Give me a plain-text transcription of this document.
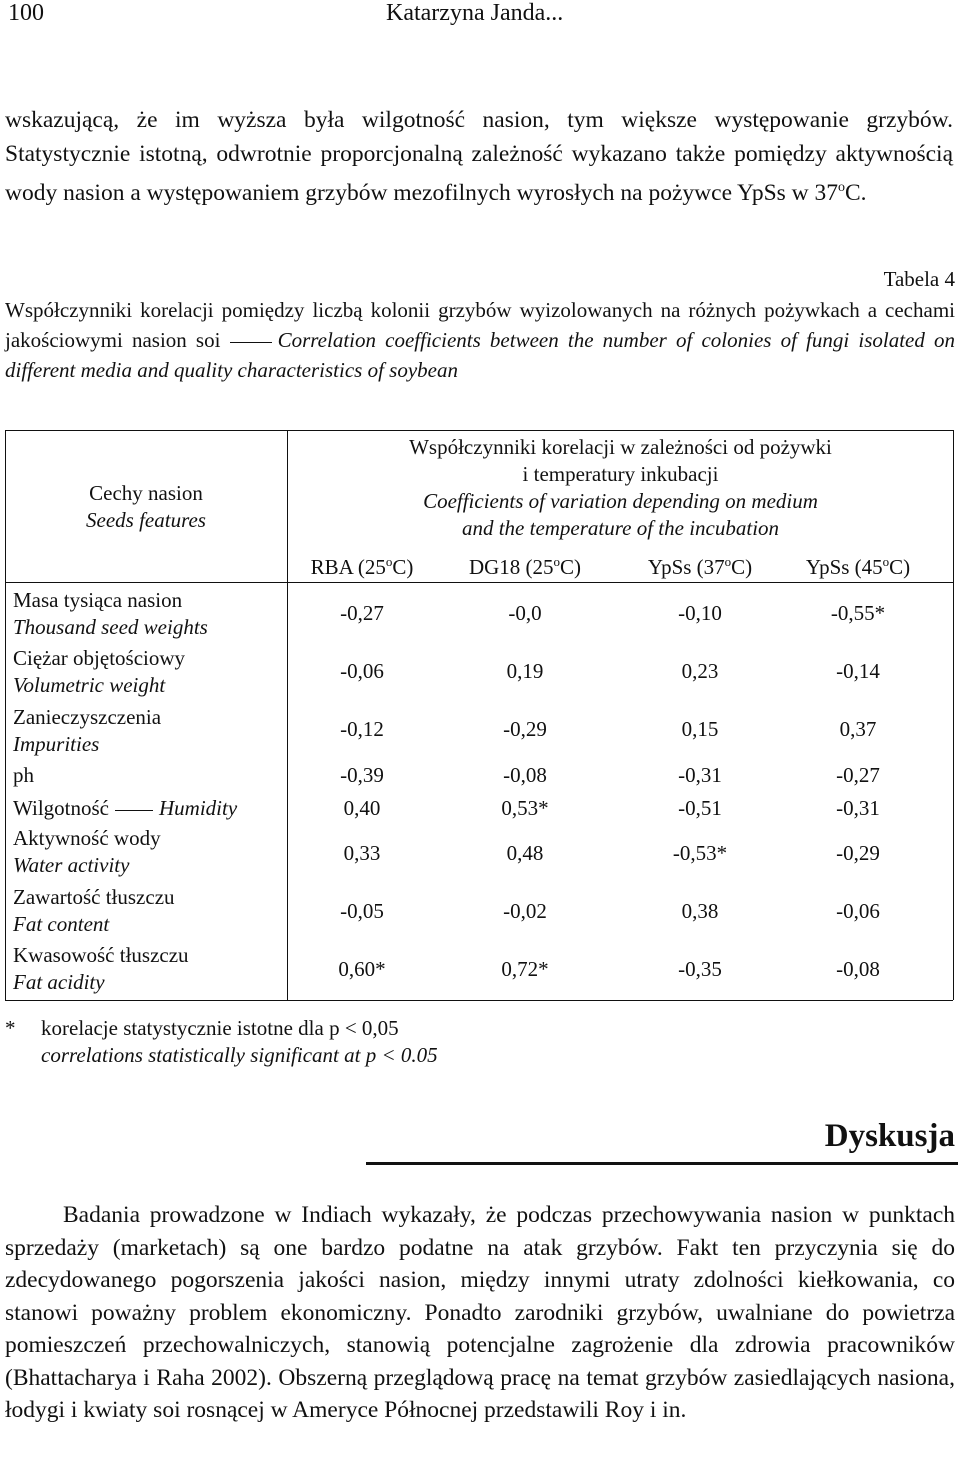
100	Katarzyna Janda...
wskazującą, że im wyższa była wilgotność nasion, tym większe występowanie grzybów. Statystycznie istotną, odwrotnie proporcjonalną zależność wykazano także pomiędzy aktywnością wody nasion a występowaniem grzybów mezofilnych wyrosłych na pożywce YpSs w 37$^o$C.
Tabela 4
Współczynniki korelacji pomiędzy liczbą kolonii grzybów wyizolowanych na różnych pożywkach a cechami jakościowymi nasion soi	Correlation coefficients between the number of colonies of fungi isolated on different media and quality characteristics of soybean
Cechy nasion
Seeds features
Współczynniki korelacji w zależności od pożywki
i temperatury inkubacji
Coefficients of variation depending on medium
and the temperature of the incubation
RBA (25$^o$C)	DG18 (25$^o$C)	YpSs (37$^o$C)	YpSs (45$^o$C)
Masa tysiąca nasion
Thousand seed weights
-0,27	-0,0	-0,10	-0,55*
Ciężar objętościowy
Volumetric weight
-0,06	0,19	0,23	-0,14
Zanieczyszczenia
Impurities
-0,12	-0,29	0,15	0,37
ph	-0,39	-0,08	-0,31	-0,27
Wilgotność Humidity	0,40	0,53*	-0,51	-0,31
Aktywność wody
Water activity	0,33	0,48	-0,53*	-0,29
Zawartość tłuszczu
Fat content
-0,05	-0,02	0,38	-0,06
Kwasowość tłuszczu
Fat acidity
0,60*	0,72*	-0,35	-0,08
* korelacje statystycznie istotne dla p < 0,05
correlations statistically significant at p < 0.05
Dyskusja
Badania prowadzone w Indiach wykazały, że podczas przechowywania nasion w punktach sprzedaży (marketach) są one bardzo podatne na atak grzybów. Fakt ten przyczynia się do zdecydowanego pogorszenia jakości nasion, między innymi utraty zdolności kiełkowania, co stanowi poważny problem ekonomiczny. Ponadto zarodniki grzybów, uwalniane do powietrza pomieszczeń przechowalniczych, stanowią potencjalne zagrożenie dla zdrowia pracowników (Bhattacharya i Raha 2002). Obszerną przeglądową pracę na temat grzybów zasiedlających nasiona, łodygi i kwiaty soi rosnącej w Ameryce Północnej przedstawili Roy i in.
